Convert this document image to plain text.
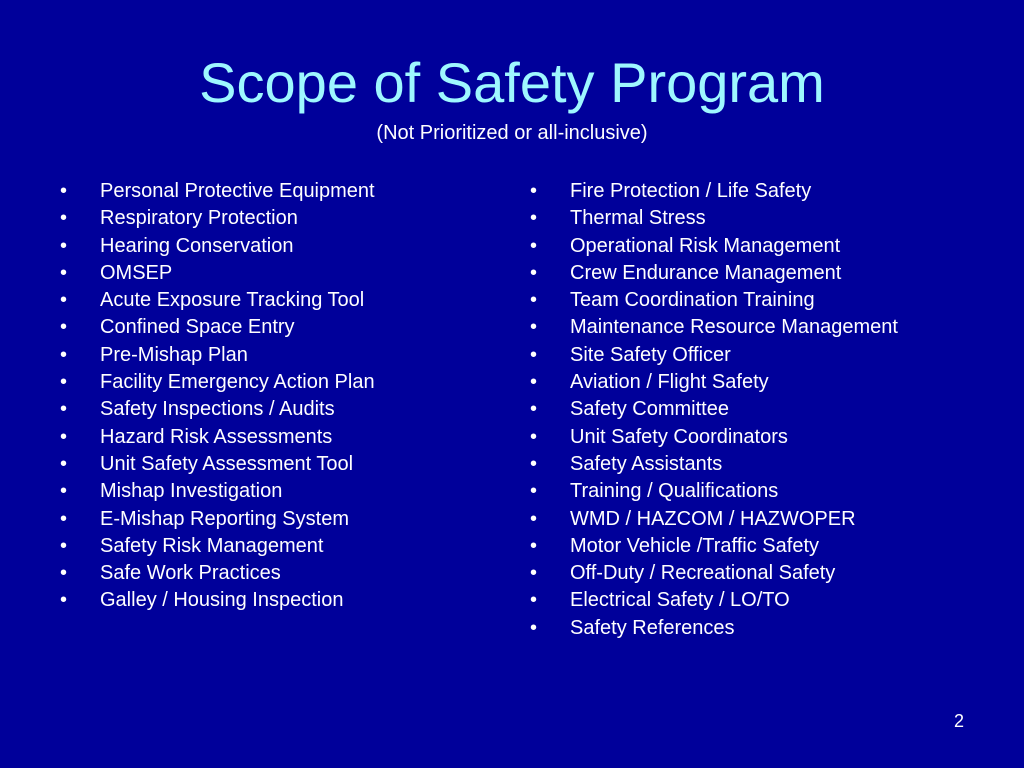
Scope of Safety Program
(Not Prioritized or all-inclusive)
•	Personal Protective Equipment
•	Respiratory Protection
•	Hearing Conservation
•	OMSEP
•	Acute Exposure Tracking Tool
•	Confined Space Entry
•	Pre-Mishap Plan
•	Facility Emergency Action Plan
•	Safety Inspections / Audits
•	Hazard Risk Assessments
•	Unit Safety Assessment Tool
•	Mishap Investigation
•	E-Mishap Reporting System
•	Safety Risk Management
•	Safe Work Practices
•	Galley / Housing Inspection
•	Fire Protection / Life Safety
•	Thermal Stress
•	Operational Risk Management
•	Crew Endurance Management
•	Team Coordination Training
•	Maintenance Resource Management
•	Site Safety Officer
•	Aviation / Flight Safety
•	Safety Committee
•	Unit Safety Coordinators
•	Safety Assistants
•	Training / Qualifications
•	WMD / HAZCOM / HAZWOPER
•	Motor Vehicle /Traffic Safety
•	Off-Duty / Recreational Safety
•	Electrical Safety / LO/TO
•	Safety References
2
